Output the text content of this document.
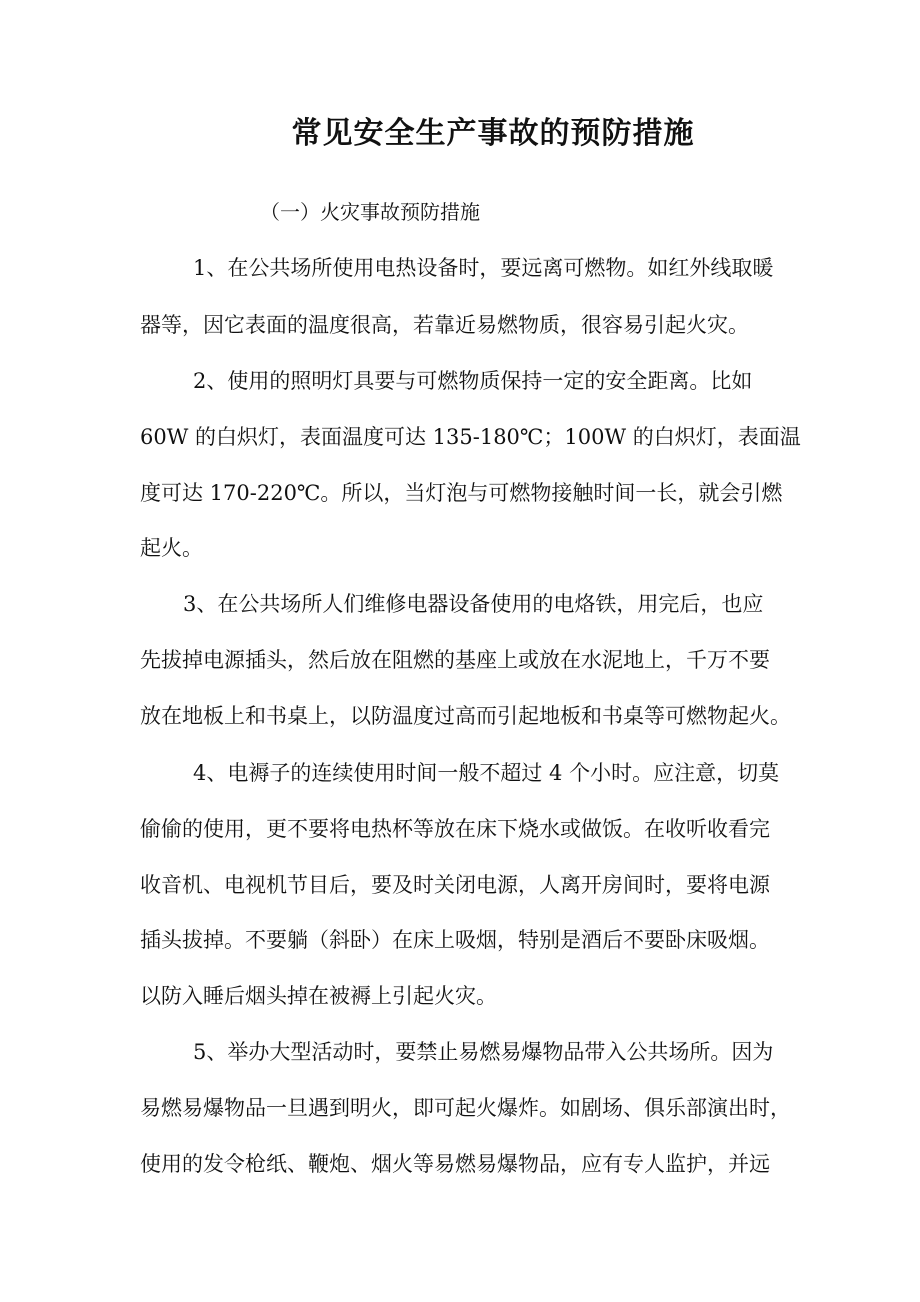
常见安全生产事故的预防措施

（一）火灾事故预防措施

1、在公共场所使用电热设备时，要远离可燃物。如红外线取暖

器等，因它表面的温度很高，若靠近易燃物质，很容易引起火灾。

2、使用的照明灯具要与可燃物质保持一定的安全距离。比如

60W 的白炽灯，表面温度可达 135-180℃；100W 的白炽灯，表面温

度可达 170-220℃。所以，当灯泡与可燃物接触时间一长，就会引燃

起火。

3、在公共场所人们维修电器设备使用的电烙铁，用完后，也应

先拔掉电源插头，然后放在阻燃的基座上或放在水泥地上，千万不要

放在地板上和书桌上，以防温度过高而引起地板和书桌等可燃物起火。

4、电褥子的连续使用时间一般不超过 4 个小时。应注意，切莫

偷偷的使用，更不要将电热杯等放在床下烧水或做饭。在收听收看完

收音机、电视机节目后，要及时关闭电源，人离开房间时，要将电源

插头拔掉。不要躺（斜卧）在床上吸烟，特别是酒后不要卧床吸烟。

以防入睡后烟头掉在被褥上引起火灾。

5、举办大型活动时，要禁止易燃易爆物品带入公共场所。因为

易燃易爆物品一旦遇到明火，即可起火爆炸。如剧场、俱乐部演出时，

使用的发令枪纸、鞭炮、烟火等易燃易爆物品，应有专人监护，并远
